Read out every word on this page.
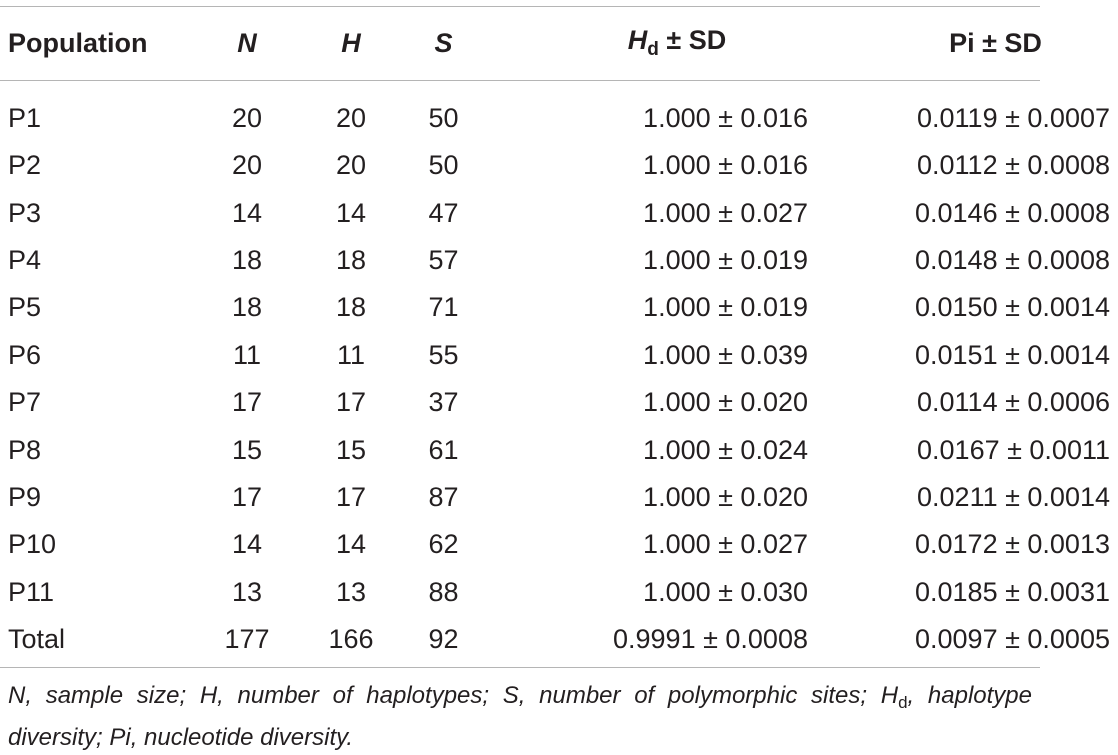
Population	N	H	S	$H_d$ ± SD	Pi ± SD
P1	20	20	50	1.000 ± 0.016	0.0119 ± 0.0007
P2	20	20	50	1.000 ± 0.016	0.0112 ± 0.0008
P3	14	14	47	1.000 ± 0.027	0.0146 ± 0.0008
P4	18	18	57	1.000 ± 0.019	0.0148 ± 0.0008
P5	18	18	71	1.000 ± 0.019	0.0150 ± 0.0014
P6	11	11	55	1.000 ± 0.039	0.0151 ± 0.0014
P7	17	17	37	1.000 ± 0.020	0.0114 ± 0.0006
P8	15	15	61	1.000 ± 0.024	0.0167 ± 0.0011
P9	17	17	87	1.000 ± 0.020	0.0211 ± 0.0014
P10	14	14	62	1.000 ± 0.027	0.0172 ± 0.0013
P11	13	13	88	1.000 ± 0.030	0.0185 ± 0.0031
Total	177	166	92	0.9991 ± 0.0008	0.0097 ± 0.0005
N, sample size; H, number of haplotypes; S, number of polymorphic sites; $H_d$, haplotype diversity; Pi, nucleotide diversity.
